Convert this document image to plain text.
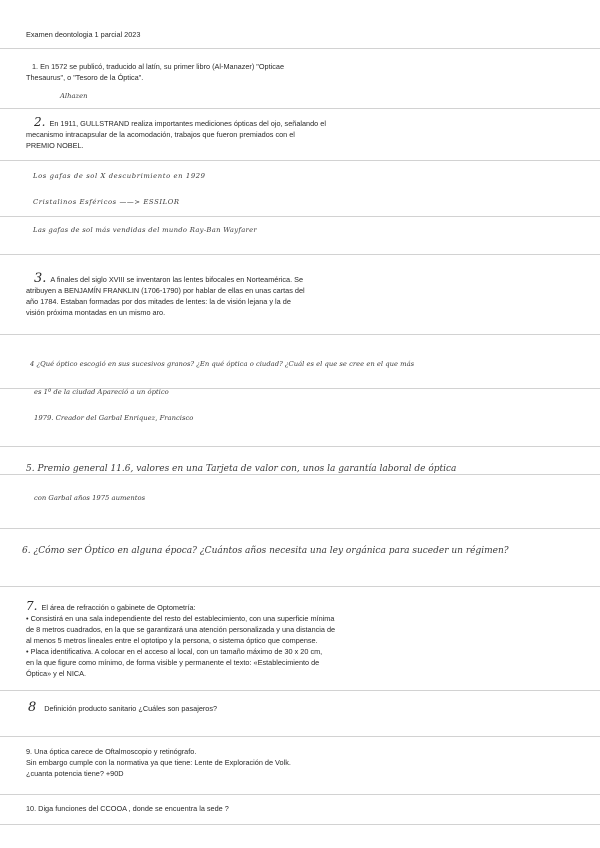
Examen deontologia 1 parcial 2023

1. En 1572 se publicó, traducido al latín, su primer libro (Al-Manazer) "Opticae

Thesaurus", o "Tesoro de la Óptica".

Alhazen

2. En 1911, GULLSTRAND realiza importantes mediciones ópticas del ojo, señalando el

mecanismo intracapsular de la acomodación, trabajos que fueron premiados con el

PREMIO NOBEL.

Los gafas de sol X descubrimiento en 1929
Cristalinos Esféricos ——> ESSILOR
Las gafas de sol más vendidas del mundo Ray-Ban Wayfarer

3. A finales del siglo XVIII se inventaron las lentes bifocales en Norteamérica. Se

atribuyen a BENJAMÍN FRANKLIN (1706-1790) por hablar de ellas en unas cartas del

año 1784. Estaban formadas por dos mitades de lentes: la de visión lejana y la de

visión próxima montadas en un mismo aro.

4 ¿Qué óptico escogió en sus sucesivos granos? ¿En qué óptica o ciudad? ¿Cuál es el que se cree en el que más
es 1º de la ciudad Apareció a un óptico
1979. Creador del Garbal Enriquez, Francisco
5. Premio general 11.6, valores en una Tarjeta de valor con, unos la garantía laboral de óptica
con Garbal años 1975 aumentos
6. ¿Cómo ser Óptico en alguna época? ¿Cuántos años necesita una ley orgánica para suceder un régimen?

7. El área de refracción o gabinete de Optometría:

• Consistirá en una sala independiente del resto del establecimiento, con una superficie mínima

de 8 metros cuadrados, en la que se garantizará una atención personalizada y una distancia de

al menos 5 metros lineales entre el optotipo y la persona, o sistema óptico que compense.

• Placa identificativa. A colocar en el acceso al local, con un tamaño máximo de 30 x 20 cm,

en la que figure como mínimo, de forma visible y permanente el texto: «Establecimiento de

Óptica» y el NICA.

8 Definición producto sanitario ¿Cuáles son pasajeros?

9. Una óptica carece de Oftalmoscopio y retinógrafo.

Sin embargo cumple con la normativa ya que tiene: Lente de Exploración de Volk.

¿cuanta potencia tiene? +90D

10. Diga funciones del CCOOA , donde se encuentra la sede ?
